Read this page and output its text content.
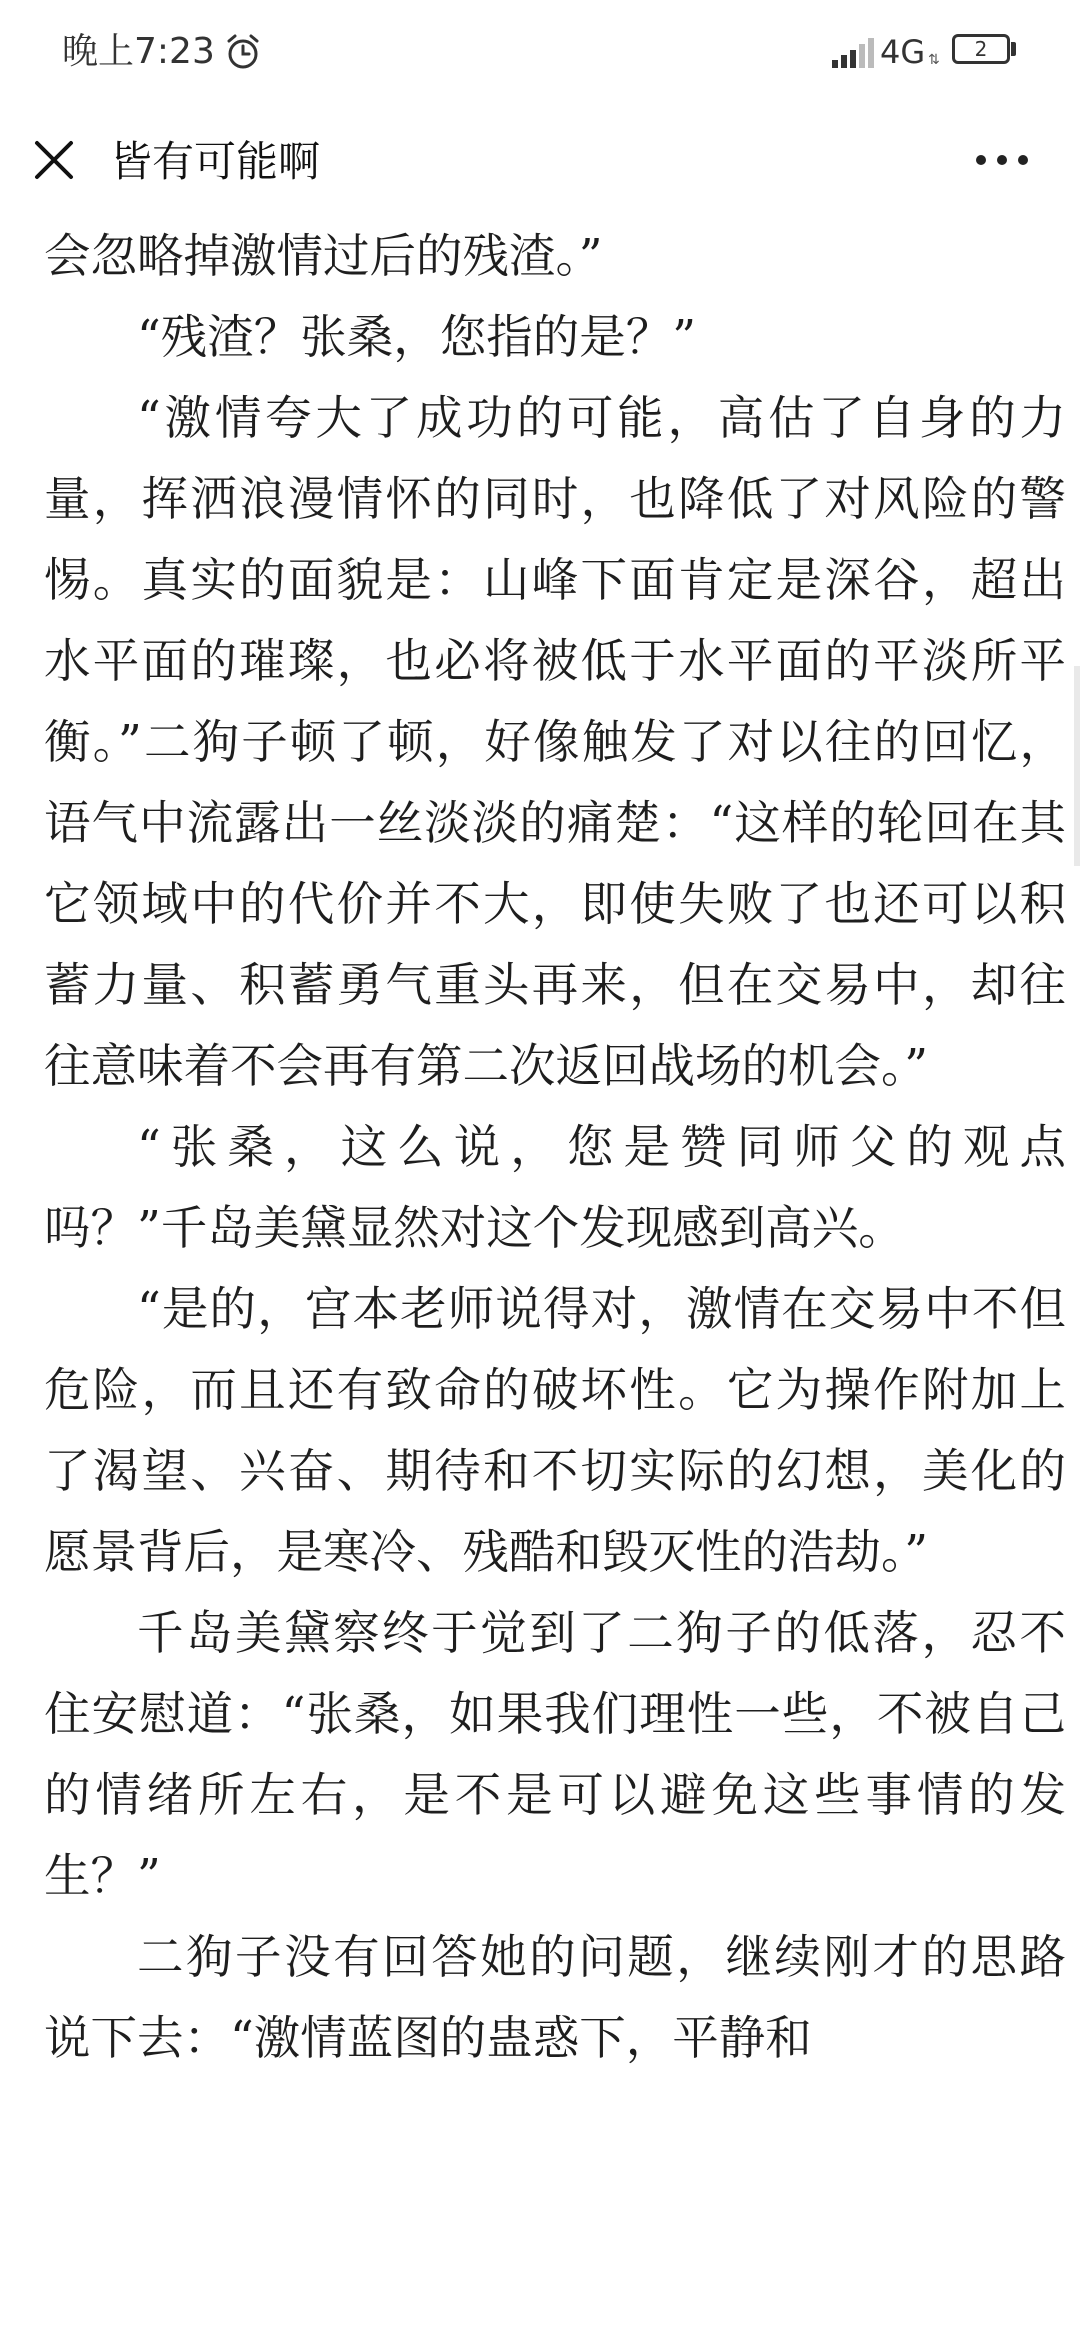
晚上7:23	4G ⇅ 2
皆有可能啊

会忽略掉激情过后的残渣。”

“残渣？张桑，您指的是？”

“激情夸大了成功的可能，高估了自身的力量，挥洒浪漫情怀的同时，也降低了对风险的警惕。真实的面貌是：山峰下面肯定是深谷，超出水平面的璀璨，也必将被低于水平面的平淡所平衡。”二狗子顿了顿，好像触发了对以往的回忆，语气中流露出一丝淡淡的痛楚：“这样的轮回在其它领域中的代价并不大，即使失败了也还可以积蓄力量、积蓄勇气重头再来，但在交易中，却往往意味着不会再有第二次返回战场的机会。”

“张桑，这么说，您是赞同师父的观点吗？”千岛美黛显然对这个发现感到高兴。

“是的，宫本老师说得对，激情在交易中不但危险，而且还有致命的破坏性。它为操作附加上了渴望、兴奋、期待和不切实际的幻想，美化的愿景背后，是寒冷、残酷和毁灭性的浩劫。”

千岛美黛察终于觉到了二狗子的低落，忍不住安慰道：“张桑，如果我们理性一些，不被自己的情绪所左右，是不是可以避免这些事情的发生？”

二狗子没有回答她的问题，继续刚才的思路说下去：“激情蓝图的蛊惑下，平静和
